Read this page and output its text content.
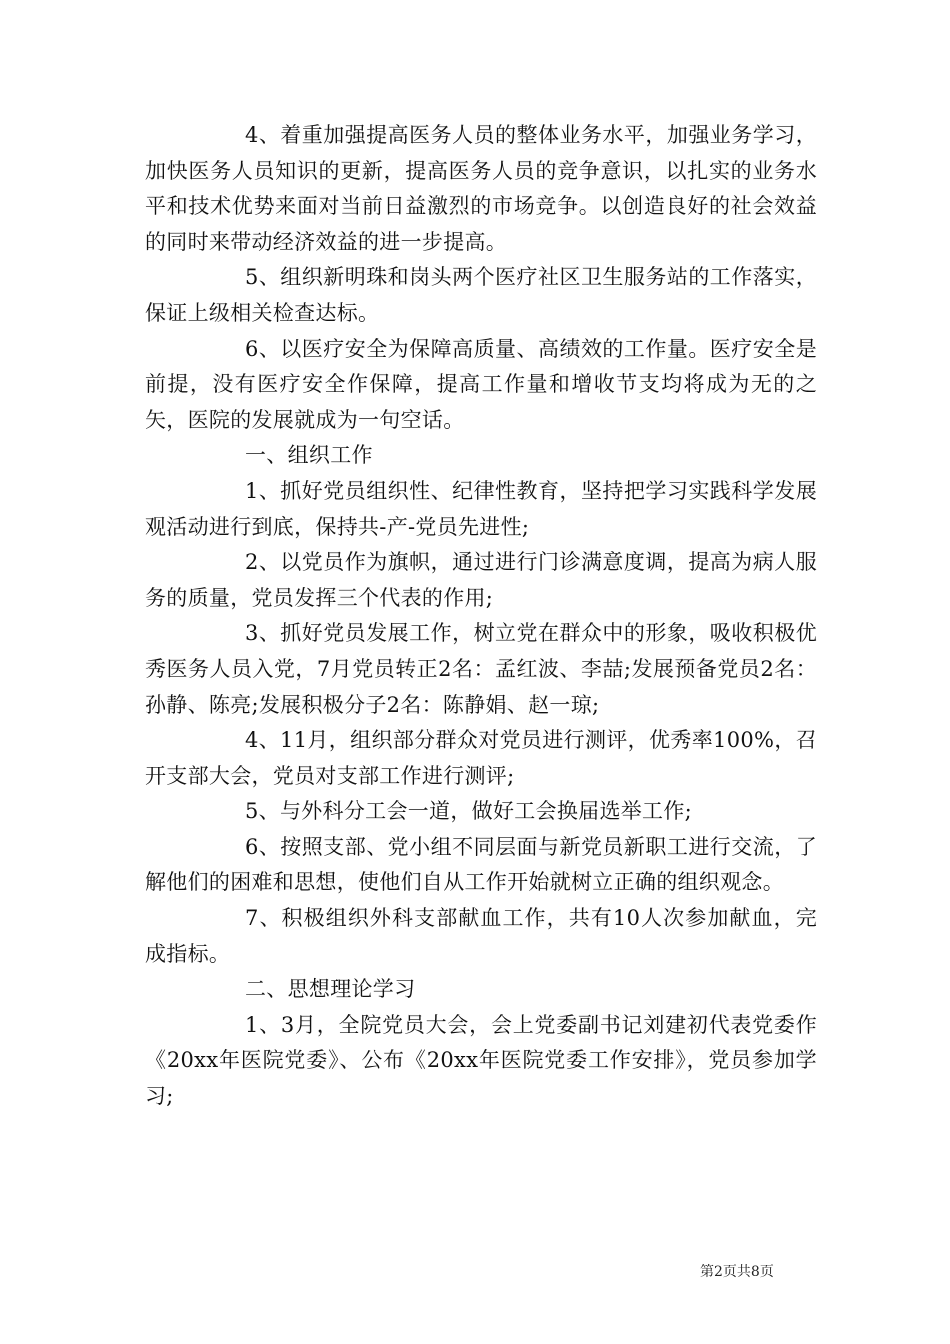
4、着重加强提高医务人员的整体业务水平，加强业务学习，加快医务人员知识的更新，提高医务人员的竞争意识，以扎实的业务水平和技术优势来面对当前日益激烈的市场竞争。以创造良好的社会效益的同时来带动经济效益的进一步提高。

5、组织新明珠和岗头两个医疗社区卫生服务站的工作落实，保证上级相关检查达标。

6、以医疗安全为保障高质量、高绩效的工作量。医疗安全是前提，没有医疗安全作保障，提高工作量和增收节支均将成为无的之矢，医院的发展就成为一句空话。

一、组织工作

1、抓好党员组织性、纪律性教育，坚持把学习实践科学发展观活动进行到底，保持共-产-党员先进性;

2、以党员作为旗帜，通过进行门诊满意度调，提高为病人服务的质量，党员发挥三个代表的作用;

3、抓好党员发展工作，树立党在群众中的形象，吸收积极优秀医务人员入党，7月党员转正2名：孟红波、李喆;发展预备党员2名：孙静、陈亮;发展积极分子2名：陈静娟、赵一琼;

4、11月，组织部分群众对党员进行测评，优秀率100%，召开支部大会，党员对支部工作进行测评;

5、与外科分工会一道，做好工会换届选举工作;

6、按照支部、党小组不同层面与新党员新职工进行交流，了解他们的困难和思想，使他们自从工作开始就树立正确的组织观念。

7、积极组织外科支部献血工作，共有10人次参加献血，完成指标。

二、思想理论学习

1、3月，全院党员大会，会上党委副书记刘建初代表党委作《20xx年医院党委》、公布《20xx年医院党委工作安排》，党员参加学习;

第2页共8页
